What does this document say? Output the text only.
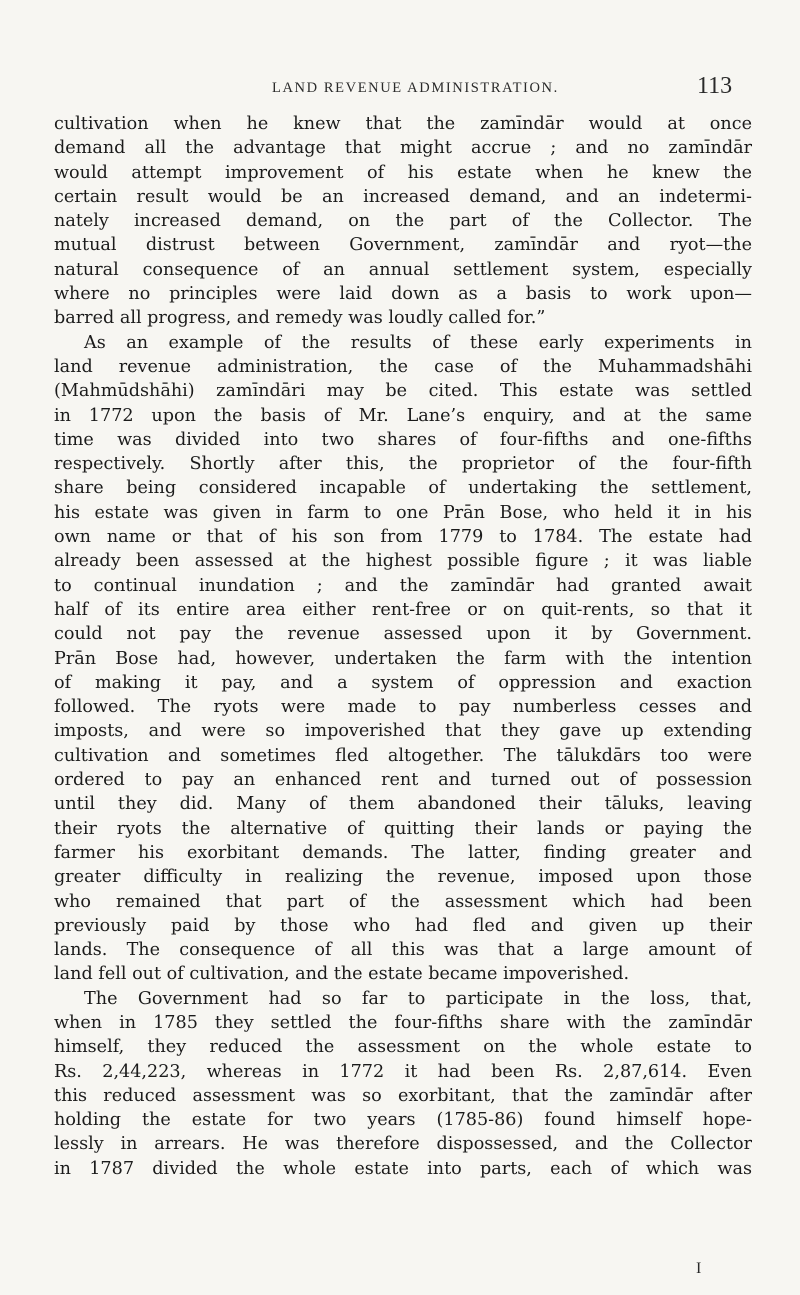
LAND REVENUE ADMINISTRATION.	113
cultivation when he knew that the zamīndār would at once
demand all the advantage that might accrue ; and no zamīndār
would attempt improvement of his estate when he knew the
certain result would be an increased demand, and an indetermi-
nately increased demand, on the part of the Collector. The
mutual distrust between Government, zamīndār and ryot—the
natural consequence of an annual settlement system, especially
where no principles were laid down as a basis to work upon—
barred all progress, and remedy was loudly called for.”
As an example of the results of these early experiments in
land revenue administration, the case of the Muhammadshāhi
(Mahmūdshāhi) zamīndāri may be cited. This estate was settled
in 1772 upon the basis of Mr. Lane’s enquiry, and at the same
time was divided into two shares of four-fifths and one-fifths
respectively. Shortly after this, the proprietor of the four-fifth
share being considered incapable of undertaking the settlement,
his estate was given in farm to one Prān Bose, who held it in his
own name or that of his son from 1779 to 1784. The estate had
already been assessed at the highest possible figure ; it was liable
to continual inundation ; and the zamīndār had granted await
half of its entire area either rent-free or on quit-rents, so that it
could not pay the revenue assessed upon it by Government.
Prān Bose had, however, undertaken the farm with the intention
of making it pay, and a system of oppression and exaction
followed. The ryots were made to pay numberless cesses and
imposts, and were so impoverished that they gave up extending
cultivation and sometimes fled altogether. The tālukdārs too were
ordered to pay an enhanced rent and turned out of possession
until they did. Many of them abandoned their tāluks, leaving
their ryots the alternative of quitting their lands or paying the
farmer his exorbitant demands. The latter, finding greater and
greater difficulty in realizing the revenue, imposed upon those
who remained that part of the assessment which had been
previously paid by those who had fled and given up their
lands. The consequence of all this was that a large amount of
land fell out of cultivation, and the estate became impoverished.
The Government had so far to participate in the loss, that,
when in 1785 they settled the four-fifths share with the zamīndār
himself, they reduced the assessment on the whole estate to
Rs. 2,44,223, whereas in 1772 it had been Rs. 2,87,614. Even
this reduced assessment was so exorbitant, that the zamīndār after
holding the estate for two years (1785-86) found himself hope-
lessly in arrears. He was therefore dispossessed, and the Collector
in 1787 divided the whole estate into parts, each of which was
I
